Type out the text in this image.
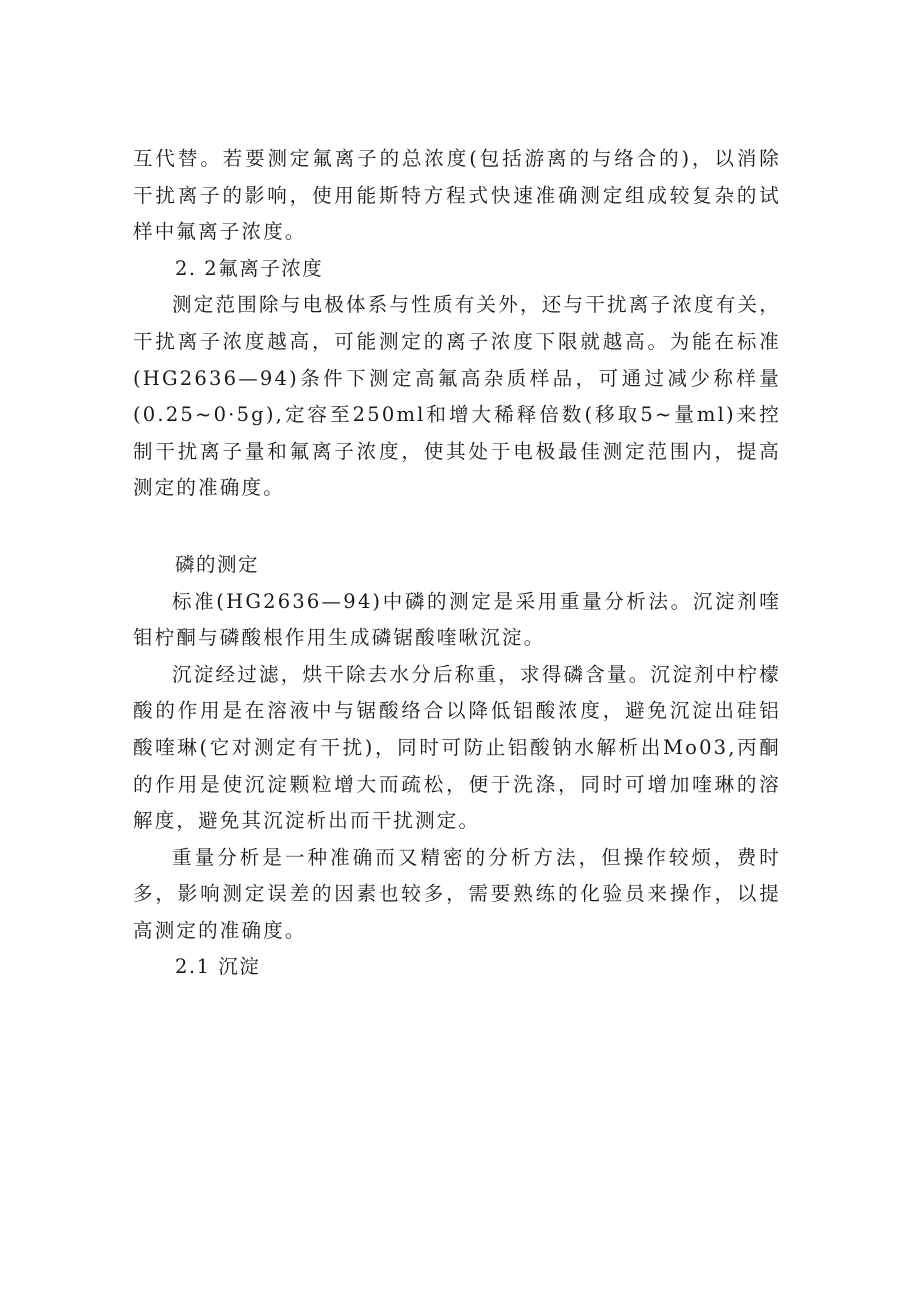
互代替。若要测定氟离子的总浓度(包括游离的与络合的)，以消除干扰离子的影响，使用能斯特方程式快速准确测定组成较复杂的试样中氟离子浓度。

2. 2氟离子浓度

测定范围除与电极体系与性质有关外，还与干扰离子浓度有关，干扰离子浓度越高，可能测定的离子浓度下限就越高。为能在标准(HG2636—94)条件下测定高氟高杂质样品，可通过减少称样量(0.25~0·5g),定容至250ml和增大稀释倍数(移取5~量ml)来控制干扰离子量和氟离子浓度，使其处于电极最佳测定范围内，提高测定的准确度。

磷的测定

标准(HG2636—94)中磷的测定是采用重量分析法。沉淀剂喹钼柠酮与磷酸根作用生成磷锯酸喹啾沉淀。

沉淀经过滤，烘干除去水分后称重，求得磷含量。沉淀剂中柠檬酸的作用是在溶液中与锯酸络合以降低铝酸浓度，避免沉淀出硅铝酸喹琳(它对测定有干扰)，同时可防止铝酸钠水解析出Mo03,丙酮的作用是使沉淀颗粒增大而疏松，便于洗涤，同时可增加喹琳的溶解度，避免其沉淀析出而干扰测定。

重量分析是一种准确而又精密的分析方法，但操作较烦，费时多，影响测定误差的因素也较多，需要熟练的化验员来操作，以提高测定的准确度。

2.1 沉淀
